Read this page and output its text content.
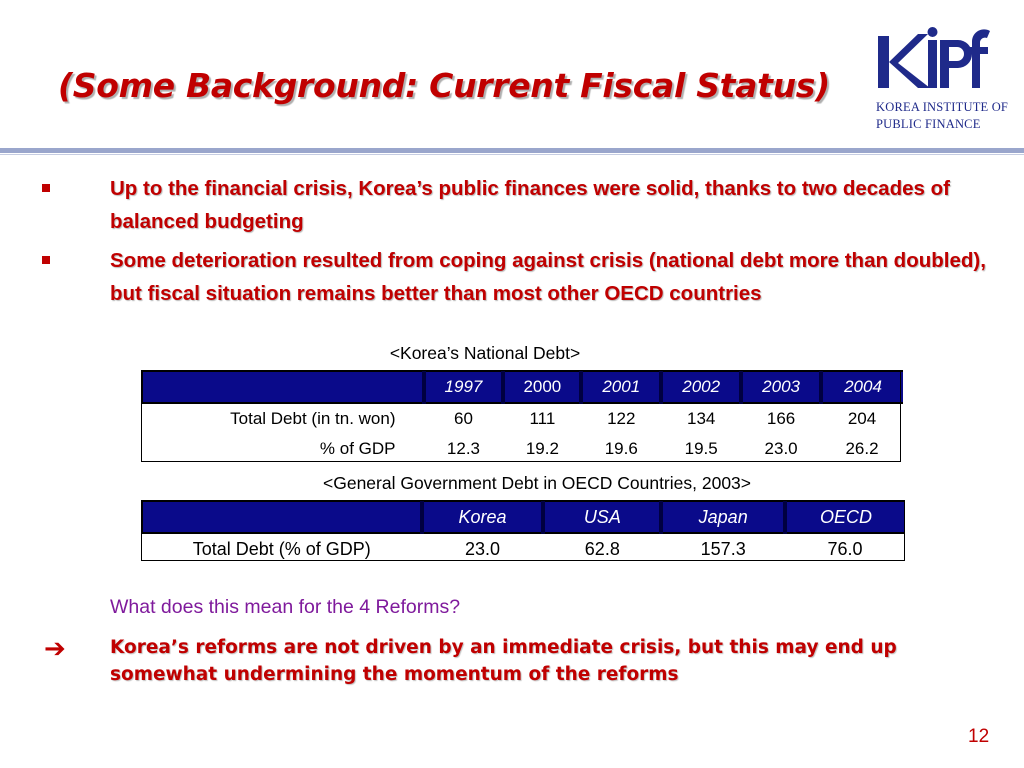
(Some Background: Current Fiscal Status)
KOREA INSTITUTE OF
PUBLIC FINANCE
Up to the financial crisis, Korea’s public finances were solid, thanks to two decades of balanced budgeting
Some deterioration resulted from coping against crisis (national debt more than doubled), but fiscal situation remains better than most other OECD countries
<Korea’s National Debt>
	1997	2000	2001	2002	2003	2004
Total Debt (in tn. won)	60	111	122	134	166	204
% of GDP	12.3	19.2	19.6	19.5	23.0	26.2
<General Government Debt in OECD Countries, 2003>
	Korea	USA	Japan	OECD
Total Debt (% of GDP)	23.0	62.8	157.3	76.0
What does this mean for the 4 Reforms?
➔ Korea’s reforms are not driven by an immediate crisis, but this may end up somewhat undermining the momentum of the reforms
12
